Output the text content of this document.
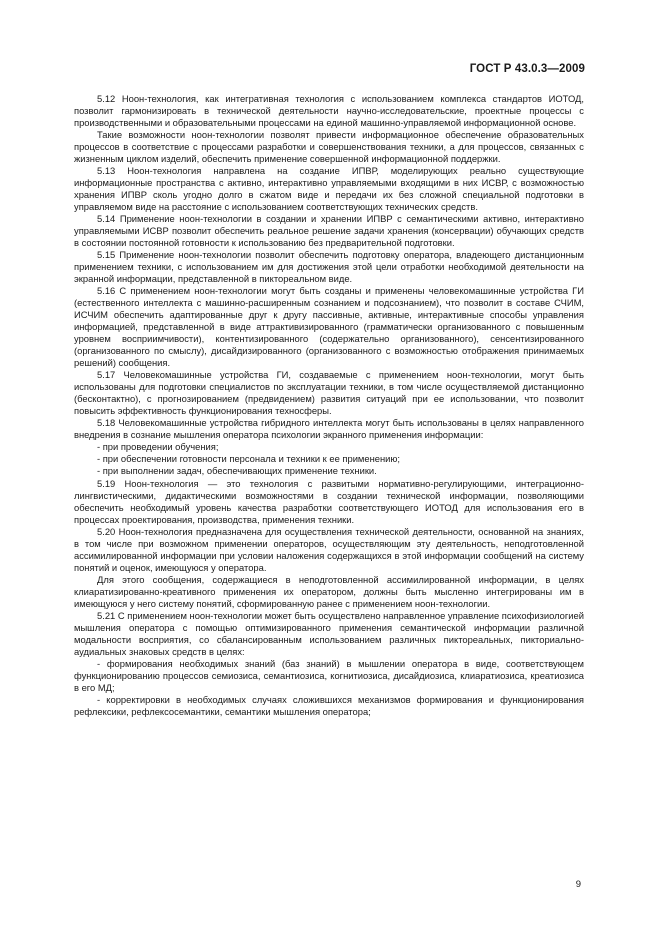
ГОСТ Р 43.0.3—2009

5.12 Ноон-технология, как интегративная технология с использованием комплекса стандартов ИОТОД, позволит гармонизировать в технической деятельности научно-исследовательские, проектные процессы с производственными и образовательными процессами на единой машинно-управляемой информационной основе.

Такие возможности ноон-технологии позволят привести информационное обеспечение образовательных процессов в соответствие с процессами разработки и совершенствования техники, а для процессов, связанных с жизненным циклом изделий, обеспечить применение совершенной информационной поддержки.

5.13 Ноон-технология направлена на создание ИПВР, моделирующих реально существующие информационные пространства с активно, интерактивно управляемыми входящими в них ИСВР, с возможностью хранения ИПВР сколь угодно долго в сжатом виде и передачи их без сложной специальной подготовки в управляемом виде на расстояние с использованием соответствующих технических средств.

5.14 Применение ноон-технологии в создании и хранении ИПВР с семантическими активно, интерактивно управляемыми ИСВР позволит обеспечить реальное решение задачи хранения (консервации) обучающих средств в состоянии постоянной готовности к использованию без предварительной подготовки.

5.15 Применение ноон-технологии позволит обеспечить подготовку оператора, владеющего дистанционным применением техники, с использованием им для достижения этой цели отработки необходимой деятельности на экранной информации, представленной в пиктореальном виде.

5.16 С применением ноон-технологии могут быть созданы и применены человекомашинные устройства ГИ (естественного интеллекта с машинно-расширенным сознанием и подсознанием), что позволит в составе СЧИМ, ИСЧИМ обеспечить адаптированные друг к другу пассивные, активные, интерактивные способы управления информацией, представленной в виде аттрактивизированного (грамматически организованного с повышенным уровнем восприимчивости), контентизированного (содержательно организованного), сенсентизированного (организованного по смыслу), дисайдизированного (организованного с возможностью отображения принимаемых решений) сообщения.

5.17 Человекомашинные устройства ГИ, создаваемые с применением ноон-технологии, могут быть использованы для подготовки специалистов по эксплуатации техники, в том числе осуществляемой дистанционно (бесконтактно), с прогнозированием (предвидением) развития ситуаций при ее использовании, что позволит повысить эффективность функционирования техносферы.

5.18 Человекомашинные устройства гибридного интеллекта могут быть использованы в целях направленного внедрения в сознание мышления оператора психологии экранного применения информации:

- при проведении обучения;

- при обеспечении готовности персонала и техники к ее применению;

- при выполнении задач, обеспечивающих применение техники.

5.19 Ноон-технология — это технология с развитыми нормативно-регулирующими, интеграционно-лингвистическими, дидактическими возможностями в создании технической информации, позволяющими обеспечить необходимый уровень качества разработки соответствующего ИОТОД для использования его в процессах проектирования, производства, применения техники.

5.20 Ноон-технология предназначена для осуществления технической деятельности, основанной на знаниях, в том числе при возможном применении операторов, осуществляющим эту деятельность, неподготовленной ассимилированной информации при условии наложения содержащихся в этой информации сообщений на систему понятий и оценок, имеющуюся у оператора.

Для этого сообщения, содержащиеся в неподготовленной ассимилированной информации, в целях клиаратизированно-креативного применения их оператором, должны быть мысленно интегрированы им в имеющуюся у него систему понятий, сформированную ранее с применением ноон-технологии.

5.21 С применением ноон-технологии может быть осуществлено направленное управление психофизиологией мышления оператора с помощью оптимизированного применения семантической информации различной модальности восприятия, со сбалансированным использованием различных пиктореальных, пикториально-аудиальных знаковых средств в целях:

- формирования необходимых знаний (баз знаний) в мышлении оператора в виде, соответствующем функционированию процессов семиозиса, семантиозиса, когнитиозиса, дисайдиозиса, клиаратиозиса, креатиозиса в его МД;

- корректировки в необходимых случаях сложившихся механизмов формирования и функционирования рефлексики, рефлексосемантики, семантики мышления оператора;

9
